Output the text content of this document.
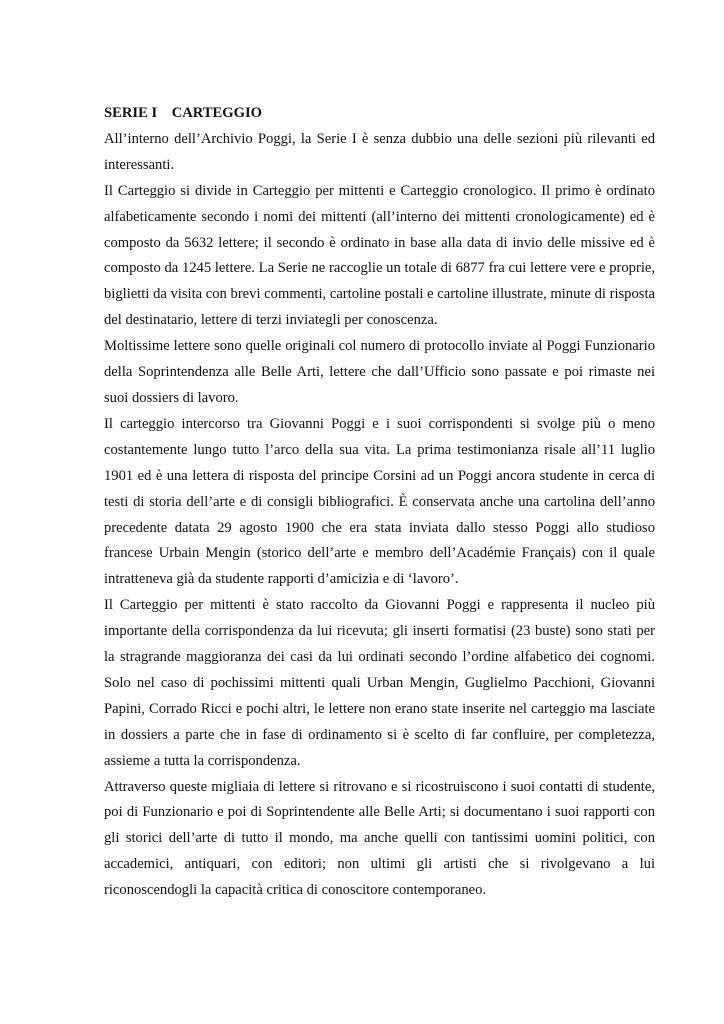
SERIE I    CARTEGGIO

All’interno dell’Archivio Poggi, la Serie I è senza dubbio una delle sezioni più rilevanti ed interessanti.

Il Carteggio si divide in Carteggio per mittenti e Carteggio cronologico. Il primo è ordinato alfabeticamente secondo i nomi dei mittenti (all’interno dei mittenti cronologicamente) ed è composto da 5632 lettere; il secondo è ordinato in base alla data di invio delle missive ed è composto da 1245 lettere. La Serie ne raccoglie un totale di 6877 fra cui lettere vere e proprie, biglietti da visita con brevi commenti, cartoline postali e cartoline illustrate, minute di risposta del destinatario, lettere di terzi inviategli per conoscenza.

Moltissime lettere sono quelle originali col numero di protocollo inviate al Poggi Funzionario della Soprintendenza alle Belle Arti, lettere che dall’Ufficio sono passate e poi rimaste nei suoi dossiers di lavoro.

Il carteggio intercorso tra Giovanni Poggi e i suoi corrispondenti si svolge più o meno costantemente lungo tutto l’arco della sua vita. La prima testimonianza risale all’11 luglio 1901 ed è una lettera di risposta del principe Corsini ad un Poggi ancora studente in cerca di testi di storia dell’arte e di consigli bibliografici. È conservata anche una cartolina dell’anno precedente datata 29 agosto 1900 che era stata inviata dallo stesso Poggi allo studioso francese Urbain Mengin (storico dell’arte e membro dell’Académie Français) con il quale intratteneva già da studente rapporti d’amicizia e di ‘lavoro’.

Il Carteggio per mittenti è stato raccolto da Giovanni Poggi e rappresenta il nucleo più importante della corrispondenza da lui ricevuta; gli inserti formatisi (23 buste) sono stati per la stragrande maggioranza dei casi da lui ordinati secondo l’ordine alfabetico dei cognomi. Solo nel caso di pochissimi mittenti quali Urban Mengin, Guglielmo Pacchioni, Giovanni Papini, Corrado Ricci e pochi altri, le lettere non erano state inserite nel carteggio ma lasciate in dossiers a parte che in fase di ordinamento si è scelto di far confluire, per completezza, assieme a tutta la corrispondenza.

Attraverso queste migliaia di lettere si ritrovano e si ricostruiscono i suoi contatti di studente, poi di Funzionario e poi di Soprintendente alle Belle Arti; si documentano i suoi rapporti con gli storici dell’arte di tutto il mondo, ma anche quelli con tantissimi uomini politici, con accademici, antiquari, con editori; non ultimi gli artisti che si rivolgevano a lui riconoscendogli la capacità critica di conoscitore contemporaneo.
